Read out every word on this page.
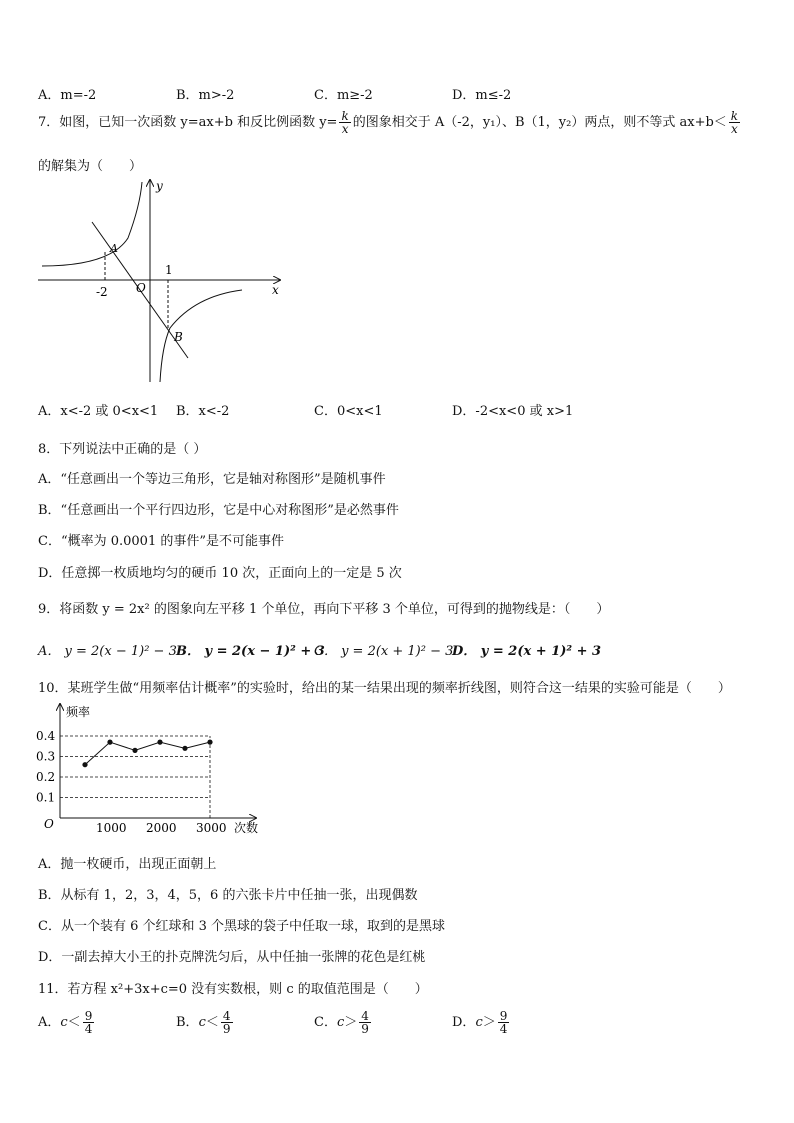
A．m=-2	B．m>-2	C．m≥-2	D．m≤-2
7．如图，已知一次函数 y=ax+b 和反比例函数 $y= \frac{k}{x}$ 的图象相交于 A（-2，y₁）、B（1，y₂）两点，则不等式 $ax+b< \frac{k}{x}$
的解集为（　　）
y
x
O
-2
1
A
B
A．x<-2 或 0<x<1 B．x<-2	C．0<x<1	D．-2<x<0 或 x>1
8．下列说法中正确的是（ ）
A．“任意画出一个等边三角形，它是轴对称图形”是随机事件
B．“任意画出一个平行四边形，它是中心对称图形”是必然事件
C．“概率为 0.0001 的事件”是不可能事件
D．任意掷一枚质地均匀的硬币 10 次，正面向上的一定是 5 次
9．将函数 y = 2x² 的图象向左平移 1 个单位，再向下平移 3 个单位，可得到的抛物线是：（　　）
A． y = 2(x − 1)² − 3 B． y = 2(x − 1)² + 3
C． y = 2(x + 1)² − 3
D． y = 2(x + 1)² + 3
10．某班学生做“用频率估计概率”的实验时，给出的某一结果出现的频率折线图，则符合这一结果的实验可能是（　　）
频率
次数
O
0.1
0.2
0.3
0.4
1000 2000 3000
A．抛一枚硬币，出现正面朝上
B．从标有 1，2，3，4，5，6 的六张卡片中任抽一张，出现偶数
C．从一个装有 6 个红球和 3 个黑球的袋子中任取一球，取到的是黑球
D．一副去掉大小王的扑克牌洗匀后，从中任抽一张牌的花色是红桃
11．若方程 x²+3x+c=0 没有实数根，则 c 的取值范围是（　　）
A．$c< \frac{9}{4}$	B．$c< \frac{4}{9}$	C．$c> \frac{4}{9}$	D．$c> \frac{9}{4}$
